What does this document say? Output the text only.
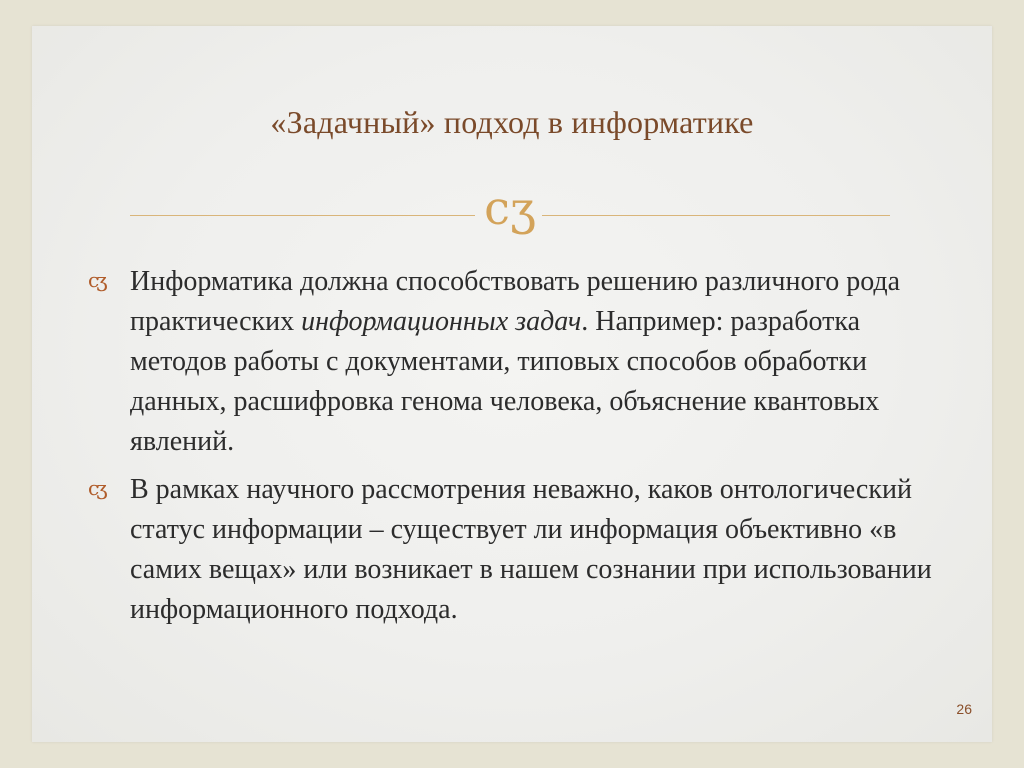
«Задачный» подход в информатике
ϲʒ
ϲʒ Информатика должна способствовать решению различного рода практических информационных задач. Например: разработка методов работы с документами, типовых способов обработки данных, расшифровка генома человека, объяснение квантовых явлений.
ϲʒ В рамках научного рассмотрения неважно, каков онтологический статус информации – существует ли информация объективно «в самих вещах» или возникает в нашем сознании при использовании информационного подхода.
26
